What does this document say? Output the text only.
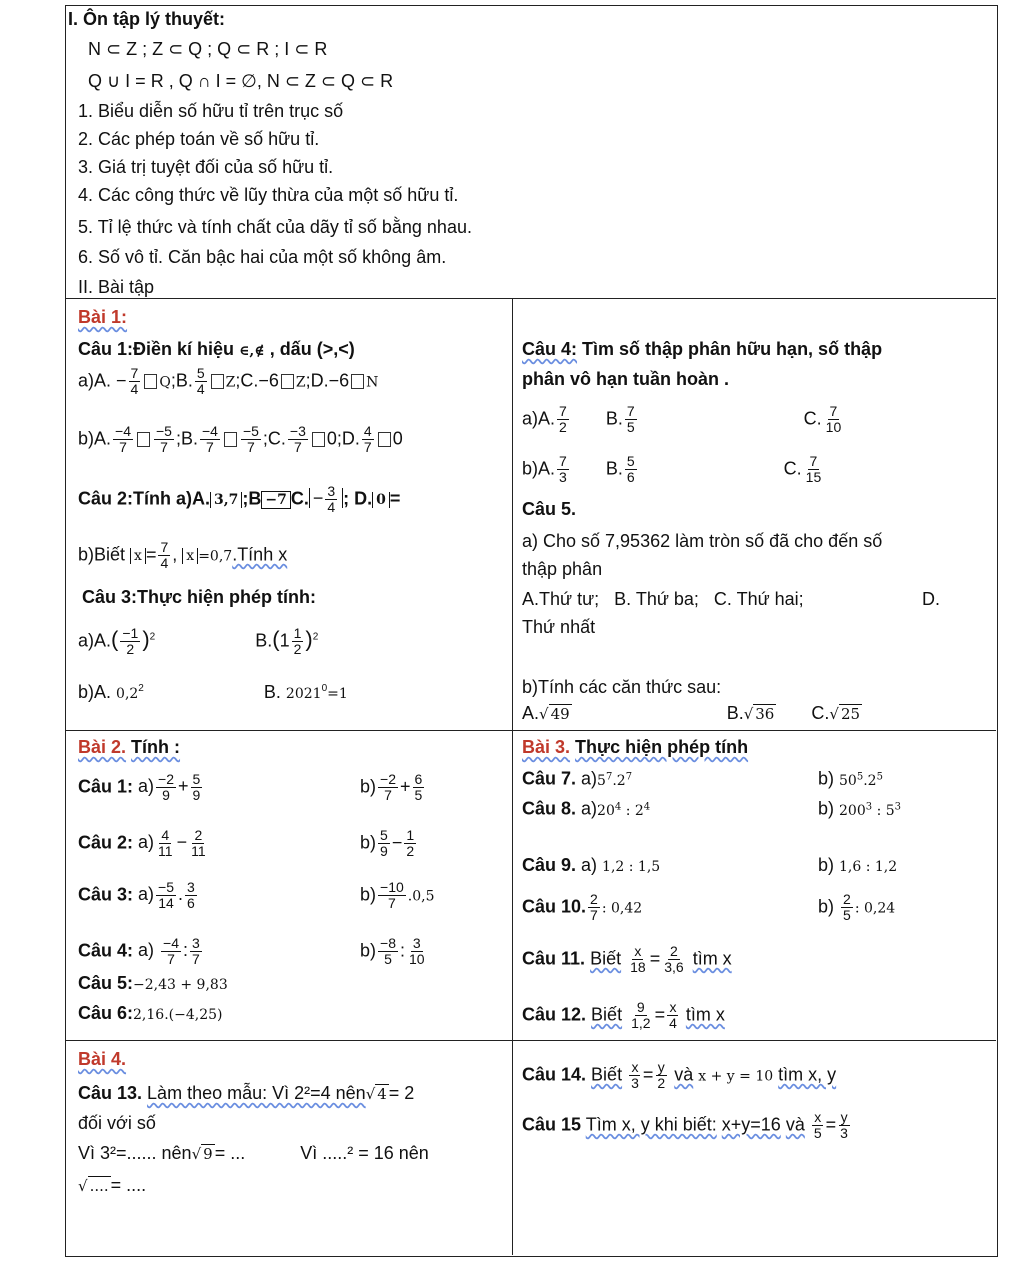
I. Ôn tập lý thuyết:
N ⊂ Z ; Z ⊂ Q ; Q ⊂ R ; I ⊂ R
Q ∪ I = R , Q ∩ I = ∅, N ⊂ Z ⊂ Q ⊂ R
1. Biểu diễn số hữu tỉ trên trục số
2. Các phép toán về số hữu tỉ.
3. Giá trị tuyệt đối của số hữu tỉ.
4. Các công thức về lũy thừa của một số hữu tỉ.
5. Tỉ lệ thức và tính chất của dãy tỉ số bằng nhau.
6. Số vô tỉ. Căn bậc hai của một số không âm.
II. Bài tập
Bài 1:
Câu 1:Điền kí hiệu ∈,∉ , dấu (>,<)
a)A. − $\frac{7}{4}$ Q;B. $\frac{5}{4}$ Z;C.−6 Z;D.−6 N
b)A. $\frac{-4}{7} \frac{-5}{7}$ ;B. $\frac{-4}{7} \frac{-5}{7}$ ;C. $\frac{-3}{7}$ 0;D. $\frac{4}{7} 0$
Câu 2:Tính a)A. 3,7 ;B −7 C. − $\frac{3}{4}$ ; D. 0 =
b)Biết $x = \frac{7}{4}$ , x =0,7.Tính x
Câu 3:Thực hiện phép tính:
$a)A.( \frac{-1}{2} )^2$	$B.(1 \frac{1}{2} )^2$
b)A. $0,2^2$	B. $2021^0=1$
Câu 4: Tìm số thập phân hữu hạn, số thập
phân vô hạn tuần hoàn .
a)A. $\frac{7}{2} B$. $\frac{7}{5}$	C. $\frac{7}{10}$
b)A. $\frac{7}{3} B$. $\frac{5}{6}$	C. $\frac{7}{15}$
Câu 5.
a) Cho số 7,95362 làm tròn số đã cho đến số
thập phân
A.Thứ tư; B. Thứ ba; C. Thứ hai;	D.
Thứ nhất
b)Tính các căn thức sau:
A.√ 49	B.√ 36 C.√ 25
Bài 2. Tính :
Câu 1: $a) \frac{-2}{9} + \frac{5}{9}$	$b) \frac{-2}{7} + \frac{6}{5}$
Câu 2: $a) \frac{4}{11} - \frac{2}{11}$	$b) \frac{5}{9} - \frac{1}{2}$
Câu 3: $a) \frac{-5}{14}$ . $\frac{3}{6}$	$b) \frac{-10}{7} .0,5$
Câu 4: $a) \frac{-4}{7}$ : $\frac{3}{7}$	$b) \frac{-8}{5}$ : $\frac{3}{10}$
Câu 5:−2,43 + 9,83
Câu 6:2,16.(−4,25)
Bài 3. Thực hiện phép tính
Câu 7. $a)5^7.2^7$	b) $50^5.2^5$
Câu 8. $a)20^4$ : $2^4$	b) $200^3$ : $5^3$
Câu 9. a) 1,2 : 1,5	b) 1,6 : 1,2
Câu 10. $\frac{2}{7}$ : 0,42	$b) \frac{2}{5}$ : 0,24
Câu 11. Biết $\frac{x}{18} = \frac{2}{3,6}$ tìm x
Câu 12. Biết $\frac{9}{1,2} = \frac{x}{4}$ tìm x
Bài 4.
Câu 13. Làm theo mẫu: Vì 2²=4 nên√ 4 = 2
đối với số
Vì 3²=...... nên√ 9 = ...	Vì .....² = 16 nên
√ .... = ....
Câu 14. Biết $\frac{x}{3} = \frac{y}{2}$ và x + y = 10 tìm x, y
Câu 15 Tìm x, y khi biết: x+y=16 và $\frac{x}{5} = \frac{y}{3}$
